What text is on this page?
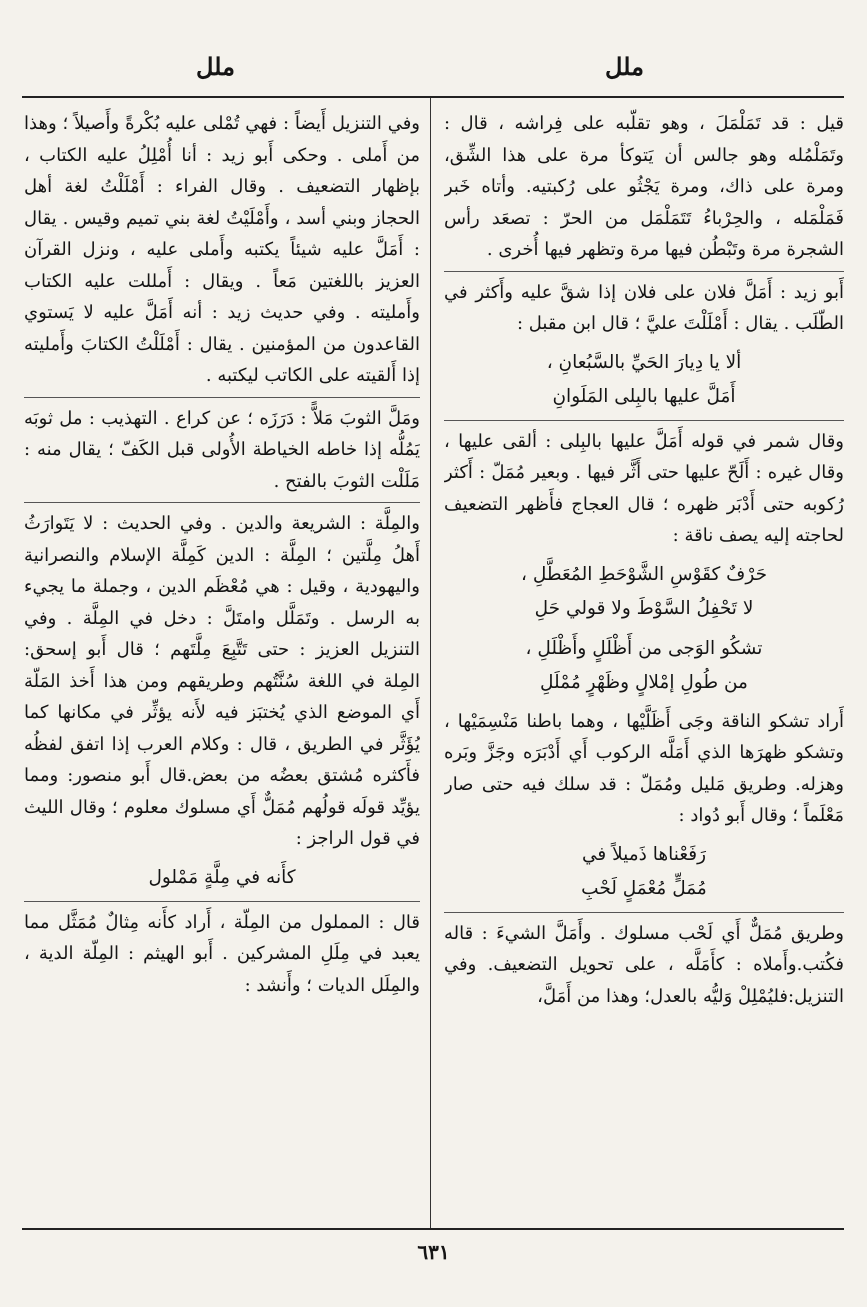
ملل
ملل

قيل : قد تَمَلْمَلَ ، وهو تقلّبه على فِراشه ، قال : وتَمَلْمُله وهو جالس أن يَتوكأ مرة على هذا الشِّق، ومرة على ذاك، ومرة يَجْثُو على رُكبتيه. وأتاه خَبر فَمَلْمَله ، والحِرْباءُ تَتَمَلْمَل من الحرّ : تصعَد رأس الشجرة مرة وتَبْطُن فيها مرة وتظهر فيها أُخرى .

أَبو زيد : أَمَلَّ فلان على فلان إذا شقَّ عليه وأَكثر في الطّلَب . يقال : أَمْلَلْتَ عليَّ ؛ قال ابن مقبل :

ألا يا دِيارَ الحَيِّ بالسَّبُعانِ ،
أَمَلَّ عليها بالبِلى المَلَوانِ

وقال شمر في قوله أَمَلَّ عليها بالبِلى : ألقى عليها ، وقال غيره : أَلَحّ عليها حتى أَثَّر فيها . وبعير مُمَلّ : أَكثر رُكوبه حتى أَدْبَر ظهره ؛ قال العجاج فأَظهر التضعيف لحاجته إليه يصف ناقة :

حَرْفٌ كقَوْسِ الشَّوْحَطِ المُعَطَّلِ ،
لا تَحْفِلُ السَّوْطَ ولا قولي حَلِ
تشكُو الوَجى من أَظْلَلٍ وأَظْلَلِ ،
من طُولِ إمْلالٍ وظَهْرٍ مُمْلَلِ

أَراد تشكو الناقة وجَى أَظَلَّيْها ، وهما باطنا مَنْسِمَيْها ، وتشكو ظهرَها الذي أَمَلَّه الركوب أَي أَدْبَرَه وجَزَّ وبَره وهزله. وطريق مَليل ومُمَلّ : قد سلك فيه حتى صار مَعْلَماً ؛ وقال أَبو دُواد :

رَفَعْناها ذَميلاً في
مُمَلٍّ مُعْمَلٍ لَحْبِ

وطريق مُمَلٌّ أَي لَحْب مسلوك . وأَمَلَّ الشيءَ : قاله فكُتب.وأَملاه : كأَمَلَّه ، على تحويل التضعيف. وفي التنزيل:فليُمْلِلْ وَليُّه بالعدل؛ وهذا من أَمَلَّ،

وفي التنزيل أَيضاً : فهي تُمْلى عليه بُكْرةً وأَصيلاً ؛ وهذا من أَملى . وحكى أَبو زيد : أنا أُمْلِلُ عليه الكتاب ، بإظهار التضعيف . وقال الفراء : أَمْلَلْتُ لغة أهل الحجاز وبني أسد ، وأَمْلَيْتُ لغة بني تميم وقيس . يقال : أَمَلَّ عليه شيئاً يكتبه وأَملى عليه ، ونزل القرآن العزيز باللغتين مَعاً . ويقال : أَمللت عليه الكتاب وأَمليته . وفي حديث زيد : أنه أَمَلَّ عليه لا يَستوي القاعدون من المؤمنين . يقال : أَمْلَلْتُ الكتابَ وأَمليته إذا أَلقيته على الكاتب ليكتبه .

ومَلَّ الثوبَ مَلاًّ : دَرَزَه ؛ عن كراع . التهذيب : مل ثوبَه يَمُلُّه إذا خاطه الخياطة الأُولى قبل الكَفّ ؛ يقال منه : مَلَلْت الثوبَ بالفتح .

والمِلَّة : الشريعة والدين . وفي الحديث : لا يَتَوارَثُ أَهلُ مِلَّتين ؛ المِلَّة : الدين كَمِلَّة الإسلام والنصرانية واليهودية ، وقيل : هي مُعْظَم الدين ، وجملة ما يجيء به الرسل . وتَمَلَّل وامتَلَّ : دخل في المِلَّة . وفي التنزيل العزيز : حتى تَتَّبِعَ مِلَّتَهم ؛ قال أَبو إسحق: المِلة في اللغة سُنَّتُهم وطريقهم ومن هذا أَخذ المَلّة أَي الموضع الذي يُختبَز فيه لأَنه يؤثِّر في مكانها كما يُؤَثَّر في الطريق ، قال : وكلام العرب إذا اتفق لفظُه فأَكثره مُشتق بعضُه من بعض.قال أَبو منصور: ومما يؤيِّد قولَه قولُهم مُمَلٌّ أَي مسلوك معلوم ؛ وقال الليث في قول الراجز :

كأَنه في مِلَّةٍ مَمْلول

قال : المملول من المِلّة ، أَراد كأَنه مِثالٌ مُمَثَّل مما يعبد في مِلَلِ المشركين . أَبو الهيثم : المِلّة الدية ، والمِلَل الديات ؛ وأَنشد :

٦٣١
